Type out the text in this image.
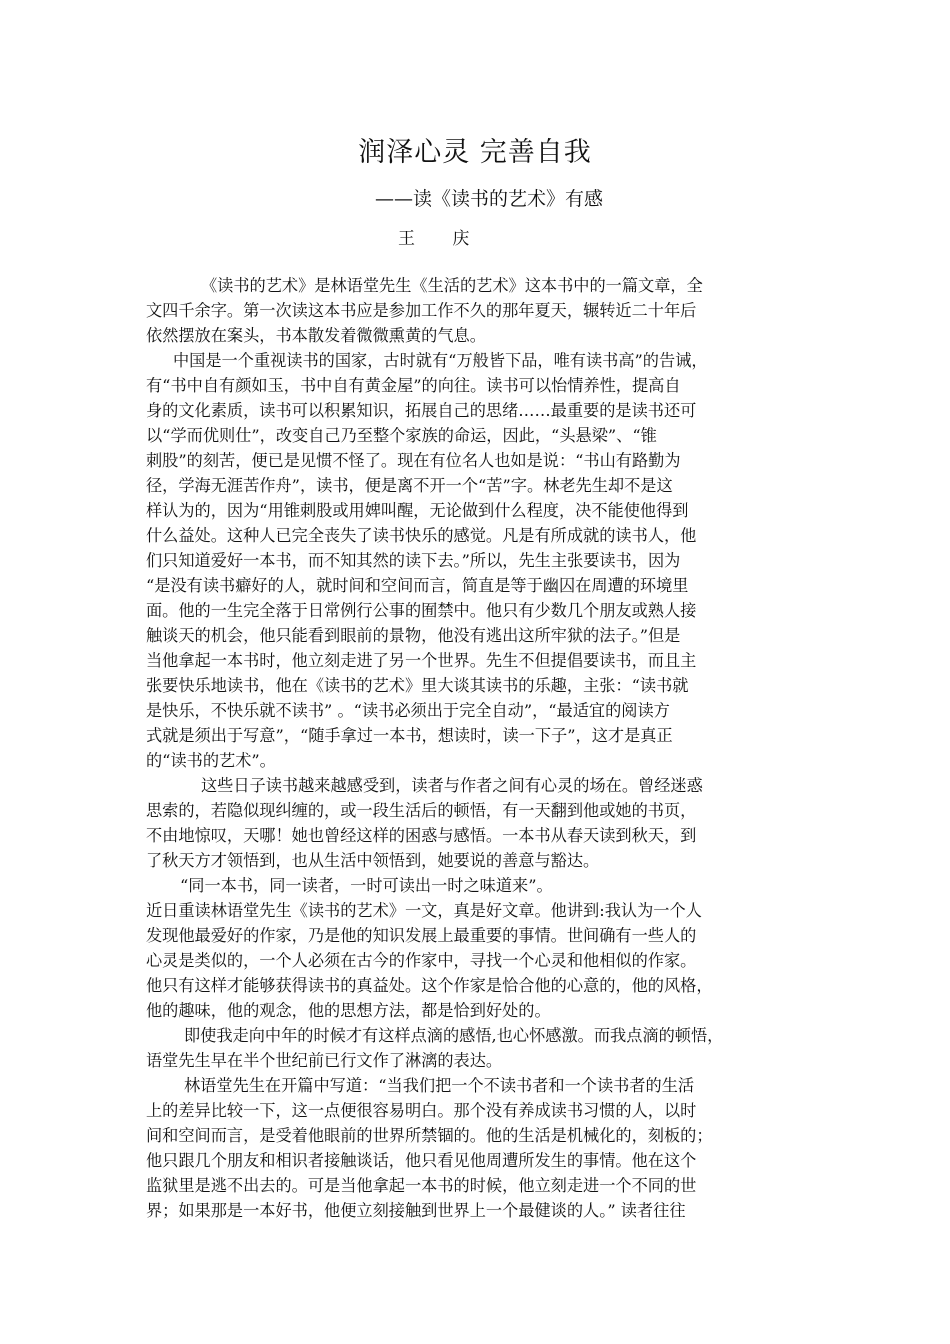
润泽心灵 完善自我

——读《读书的艺术》有感

王 庆

《读书的艺术》是林语堂先生《生活的艺术》这本书中的一篇文章，全
文四千余字。第一次读这本书应是参加工作不久的那年夏天，辗转近二十年后
依然摆放在案头，书本散发着微微熏黄的气息。
中国是一个重视读书的国家，古时就有“万般皆下品，唯有读书高”的告诫，
有“书中自有颜如玉，书中自有黄金屋”的向往。读书可以怡情养性，提高自
身的文化素质，读书可以积累知识，拓展自己的思绪……最重要的是读书还可
以“学而优则仕”，改变自己乃至整个家族的命运，因此，“头悬梁”、“锥
刺股”的刻苦，便已是见惯不怪了。现在有位名人也如是说：“书山有路勤为
径，学海无涯苦作舟”，读书，便是离不开一个“苦”字。林老先生却不是这
样认为的，因为“用锥刺股或用婢叫醒，无论做到什么程度，决不能使他得到
什么益处。这种人已完全丧失了读书快乐的感觉。凡是有所成就的读书人，他
们只知道爱好一本书，而不知其然的读下去。”所以，先生主张要读书，因为
“是没有读书癖好的人，就时间和空间而言，简直是等于幽囚在周遭的环境里
面。他的一生完全落于日常例行公事的囿禁中。他只有少数几个朋友或熟人接
触谈天的机会，他只能看到眼前的景物，他没有逃出这所牢狱的法子。”但是
当他拿起一本书时，他立刻走进了另一个世界。先生不但提倡要读书，而且主
张要快乐地读书，他在《读书的艺术》里大谈其读书的乐趣，主张：“读书就
是快乐，不快乐就不读书” 。“读书必须出于完全自动”，“最适宜的阅读方
式就是须出于写意”，“随手拿过一本书，想读时，读一下子”，这才是真正
的“读书的艺术”。
这些日子读书越来越感受到，读者与作者之间有心灵的场在。曾经迷惑
思索的，若隐似现纠缠的，或一段生活后的顿悟，有一天翻到他或她的书页，
不由地惊叹，天哪！她也曾经这样的困惑与感悟。一本书从春天读到秋天，到
了秋天方才领悟到，也从生活中领悟到，她要说的善意与豁达。
“同一本书，同一读者，一时可读出一时之味道来”。
近日重读林语堂先生《读书的艺术》一文，真是好文章。他讲到:我认为一个人
发现他最爱好的作家，乃是他的知识发展上最重要的事情。世间确有一些人的
心灵是类似的，一个人必须在古今的作家中，寻找一个心灵和他相似的作家。
他只有这样才能够获得读书的真益处。这个作家是恰合他的心意的，他的风格，
他的趣味，他的观念，他的思想方法，都是恰到好处的。
即使我走向中年的时候才有这样点滴的感悟,也心怀感激。而我点滴的顿悟，
语堂先生早在半个世纪前已行文作了淋漓的表达。
林语堂先生在开篇中写道：“当我们把一个不读书者和一个读书者的生活
上的差异比较一下，这一点便很容易明白。那个没有养成读书习惯的人，以时
间和空间而言，是受着他眼前的世界所禁锢的。他的生活是机械化的，刻板的；
他只跟几个朋友和相识者接触谈话，他只看见他周遭所发生的事情。他在这个
监狱里是逃不出去的。可是当他拿起一本书的时候，他立刻走进一个不同的世
界；如果那是一本好书，他便立刻接触到世界上一个最健谈的人。” 读者往往
